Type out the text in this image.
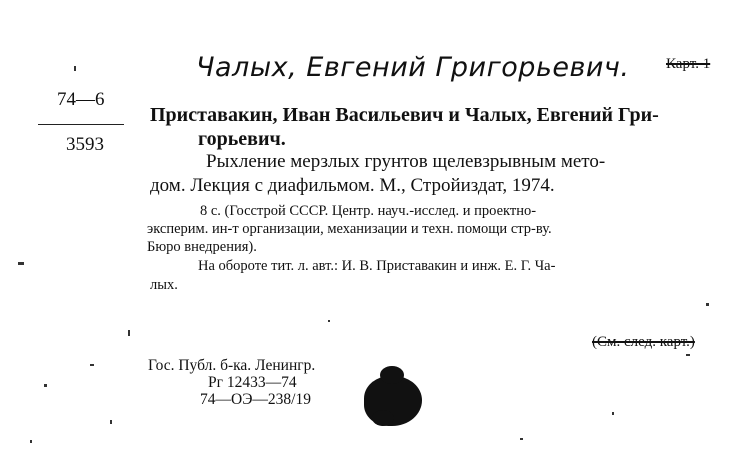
Чалых, Евгений Григорьевич. Карт. 1
74—6
3593
Приставакин, Иван Васильевич и Чалых, Евгений Гри-
горьевич.
Рыхление мерзлых грунтов щелевзрывным мето-
дом. Лекция с диафильмом. М., Стройиздат, 1974.
8 с. (Госстрой СССР. Центр. науч.-исслед. и проектно-
эксперим. ин-т организации, механизации и техн. помощи стр-ву.
Бюро внедрения).
На обороте тит. л. авт.: И. В. Приставакин и инж. Е. Г. Ча-
лых.
(См. след. карт.)
Гос. Публ. б-ка. Ленингр.
Рг 12433—74
74—ОЭ—238/19
